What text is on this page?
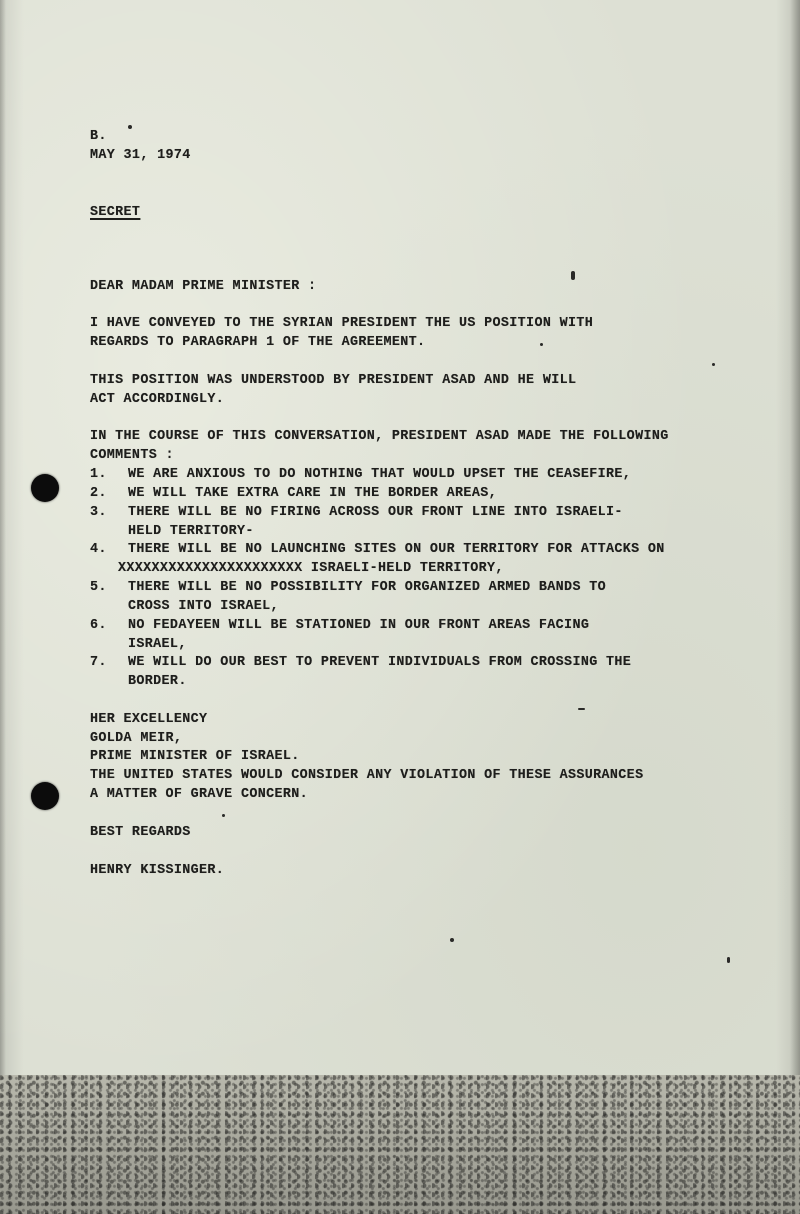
B.
MAY 31, 1974
SECRET
DEAR MADAM PRIME MINISTER :
I HAVE CONVEYED TO THE SYRIAN PRESIDENT THE US POSITION WITH
REGARDS TO PARAGRAPH 1 OF THE AGREEMENT.
THIS POSITION WAS UNDERSTOOD BY PRESIDENT ASAD AND HE WILL
ACT ACCORDINGLY.
IN THE COURSE OF THIS CONVERSATION, PRESIDENT ASAD MADE THE FOLLOWING
COMMENTS :
1. WE ARE ANXIOUS TO DO NOTHING THAT WOULD UPSET THE CEASEFIRE,
2. WE WILL TAKE EXTRA CARE IN THE BORDER AREAS,
3. THERE WILL BE NO FIRING ACROSS OUR FRONT LINE INTO ISRAELI-
HELD TERRITORY-
4. THERE WILL BE NO LAUNCHING SITES ON OUR TERRITORY FOR ATTACKS ON
XXXXXXXXXXXXXXXXXXXXXX ISRAELI-HELD TERRITORY,
5. THERE WILL BE NO POSSIBILITY FOR ORGANIZED ARMED BANDS TO
CROSS INTO ISRAEL,
6. NO FEDAYEEN WILL BE STATIONED IN OUR FRONT AREAS FACING
ISRAEL,
7. WE WILL DO OUR BEST TO PREVENT INDIVIDUALS FROM CROSSING THE
BORDER.
HER EXCELLENCY
GOLDA MEIR,
PRIME MINISTER OF ISRAEL.
THE UNITED STATES WOULD CONSIDER ANY VIOLATION OF THESE ASSURANCES
A MATTER OF GRAVE CONCERN.
BEST REGARDS
HENRY KISSINGER.
